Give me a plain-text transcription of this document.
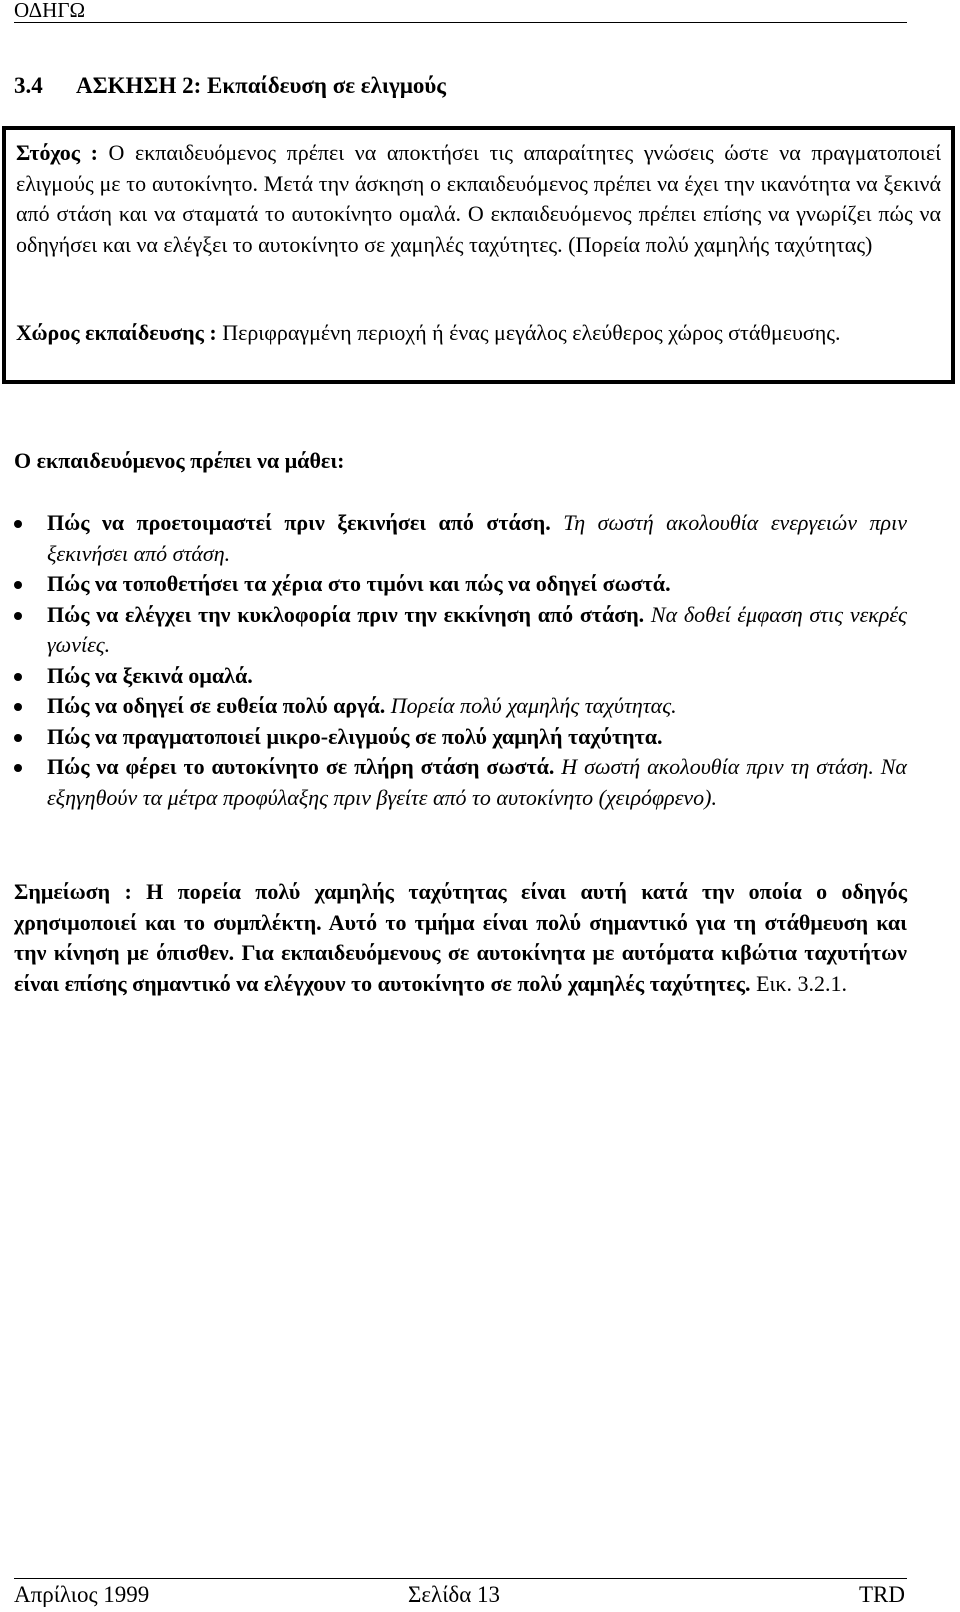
ΟΔΗΓΩ
3.4 ΑΣΚΗΣΗ 2: Εκπαίδευση σε ελιγμούς
Στόχος : Ο εκπαιδευόμενος πρέπει να αποκτήσει τις απαραίτητες γνώσεις ώστε να πραγματοποιεί ελιγμούς με το αυτοκίνητο. Μετά την άσκηση ο εκπαιδευόμενος πρέπει να έχει την ικανότητα να ξεκινά από στάση και να σταματά το αυτοκίνητο ομαλά. Ο εκπαιδευόμενος πρέπει επίσης να γνωρίζει πώς να οδηγήσει και να ελέγξει το αυτοκίνητο σε χαμηλές ταχύτητες. (Πορεία πολύ χαμηλής ταχύτητας)
Χώρος εκπαίδευσης : Περιφραγμένη περιοχή ή ένας μεγάλος ελεύθερος χώρος στάθμευσης.
Ο εκπαιδευόμενος πρέπει να μάθει:
Πώς να προετοιμαστεί πριν ξεκινήσει από στάση. Τη σωστή ακολουθία ενεργειών πριν ξεκινήσει από στάση.
Πώς να τοποθετήσει τα χέρια στο τιμόνι και πώς να οδηγεί σωστά.
Πώς να ελέγχει την κυκλοφορία πριν την εκκίνηση από στάση. Να δοθεί έμφαση στις νεκρές γωνίες.
Πώς να ξεκινά ομαλά.
Πώς να οδηγεί σε ευθεία πολύ αργά. Πορεία πολύ χαμηλής ταχύτητας.
Πώς να πραγματοποιεί μικρο-ελιγμούς σε πολύ χαμηλή ταχύτητα.
Πώς να φέρει το αυτοκίνητο σε πλήρη στάση σωστά. Η σωστή ακολουθία πριν τη στάση. Να εξηγηθούν τα μέτρα προφύλαξης πριν βγείτε από το αυτοκίνητο (χειρόφρενο).
Σημείωση : Η πορεία πολύ χαμηλής ταχύτητας είναι αυτή κατά την οποία ο οδηγός χρησιμοποιεί και το συμπλέκτη. Αυτό το τμήμα είναι πολύ σημαντικό για τη στάθμευση και την κίνηση με όπισθεν. Για εκπαιδευόμενους σε αυτοκίνητα με αυτόματα κιβώτια ταχυτήτων είναι επίσης σημαντικό να ελέγχουν το αυτοκίνητο σε πολύ χαμηλές ταχύτητες. Εικ. 3.2.1.
Απρίλιος 1999	Σελίδα 13	TRD
